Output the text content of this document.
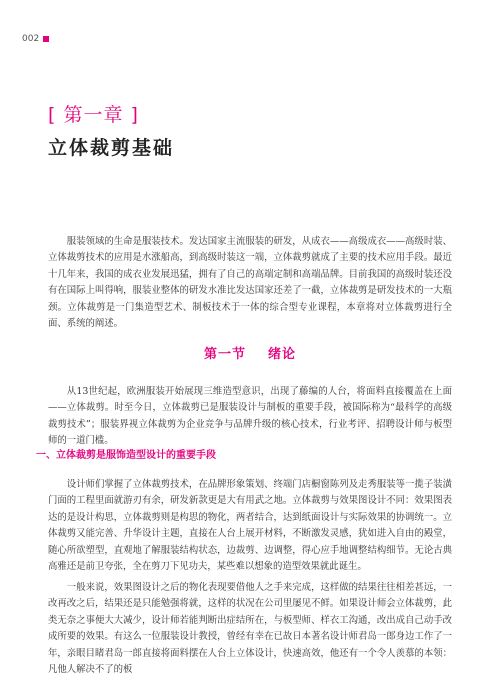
002
[ 第一章 ]
立体裁剪基础

服装领域的生命是服装技术。发达国家主流服装的研发，从成衣——高级成衣——高级时装、立体裁剪技术的应用是水涨船高，到高级时装这一端，立体裁剪就成了主要的技术应用手段。最近十几年来，我国的成衣业发展迅猛，拥有了自己的高端定制和高端品牌。目前我国的高级时装还没有在国际上叫得响，服装业整体的研发水准比发达国家还差了一截，立体裁剪是研发技术的一大瓶颈。立体裁剪是一门集造型艺术、制板技术于一体的综合型专业课程，本章将对立体裁剪进行全面、系统的阐述。

第一节    绪论

从13世纪起，欧洲服装开始展现三维造型意识，出现了藤编的人台，将面料直接覆盖在上面——立体裁剪。时至今日，立体裁剪已是服装设计与制板的重要手段，被国际称为“最科学的高级裁剪技术”；服装界视立体裁剪为企业竞争与品牌升级的核心技术，行业考评、招聘设计师与板型师的一道门槛。

一、立体裁剪是服饰造型设计的重要手段

设计师们掌握了立体裁剪技术，在品牌形象策划、终端门店橱窗陈列及走秀服装等一揽子装潢门面的工程里面就游刃有余，研发新款更是大有用武之地。立体裁剪与效果图设计不同：效果图表达的是设计构思，立体裁剪则是构思的物化，两者结合，达到纸面设计与实际效果的协调统一。立体裁剪又能完善、升华设计主题，直接在人台上展开材料，不断激发灵感，犹如进入自由的殿堂，随心所欲塑型，直观地了解服装结构状态，边裁剪、边调整，得心应手地调整结构细节。无论古典高雅还是前卫夸张，全在剪刀下见功夫，某些难以想象的造型效果就此诞生。

一般来说，效果图设计之后的物化表现要借他人之手来完成，这样做的结果往往相差甚远，一改再改之后，结果还是只能勉强将就，这样的状况在公司里屡见不鲜。如果设计师会立体裁剪，此类无奈之事便大大减少，设计师若能判断出症结所在，与板型师、样衣工沟通，改出成自己动手改成所要的效果。有这么一位服装设计教授，曾经有幸在已故日本著名设计师君岛一郎身边工作了一年，亲眼目睹君岛一郎直接将面料摆在人台上立体设计，快速高效，他还有一个令人羡慕的本领：凡他人解决不了的板
